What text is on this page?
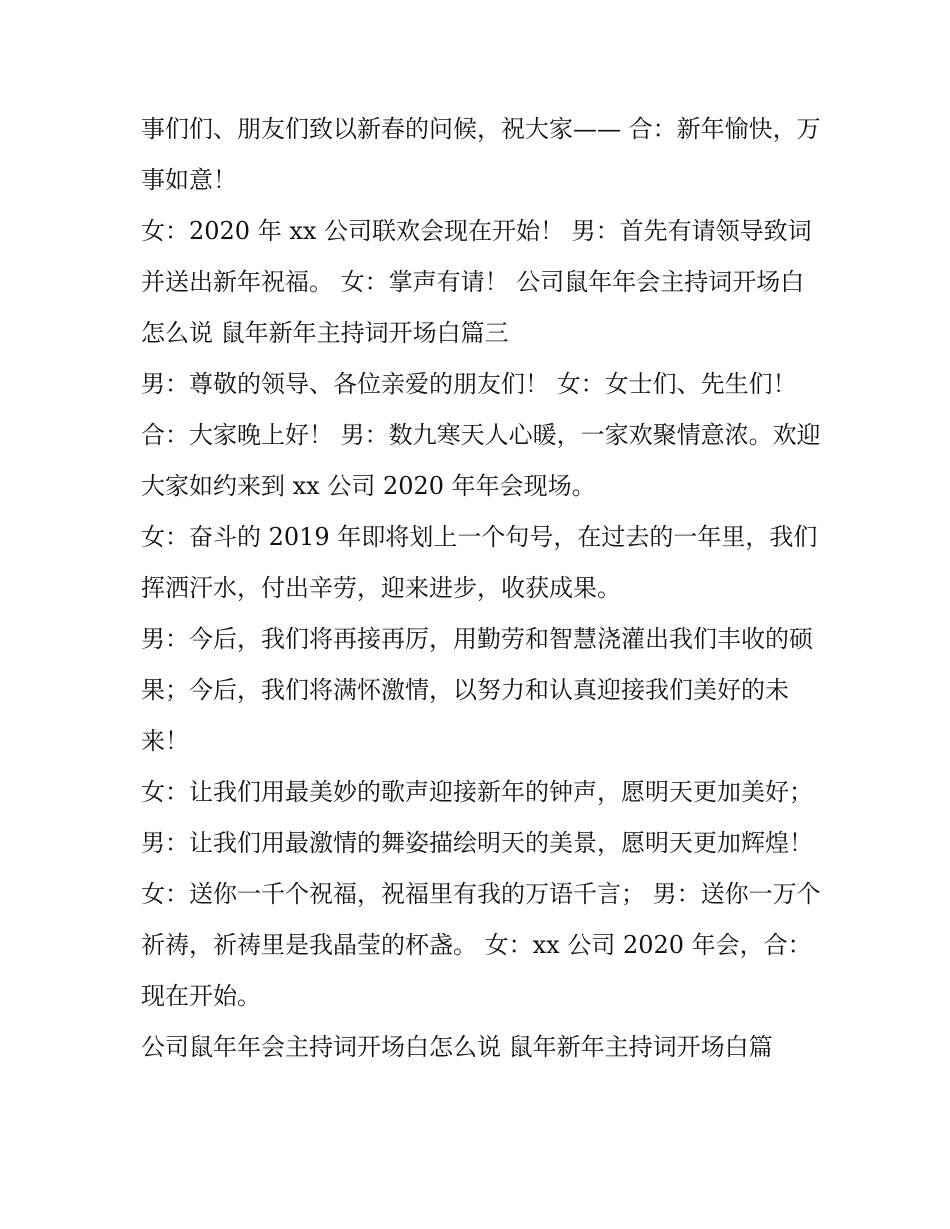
事们们、朋友们致以新春的问候，祝大家—— 合：新年愉快，万事如意！

女：2020 年 xx 公司联欢会现在开始！ 男：首先有请领导致词并送出新年祝福。 女：掌声有请！ 公司鼠年年会主持词开场白怎么说 鼠年新年主持词开场白篇三

男：尊敬的领导、各位亲爱的朋友们！ 女：女士们、先生们！ 合：大家晚上好！ 男：数九寒天人心暖，一家欢聚情意浓。欢迎大家如约来到 xx 公司 2020 年年会现场。

女：奋斗的 2019 年即将划上一个句号，在过去的一年里，我们挥洒汗水，付出辛劳，迎来进步，收获成果。

男：今后，我们将再接再厉，用勤劳和智慧浇灌出我们丰收的硕果；今后，我们将满怀激情，以努力和认真迎接我们美好的未来！

女：让我们用最美妙的歌声迎接新年的钟声，愿明天更加美好； 男：让我们用最激情的舞姿描绘明天的美景，愿明天更加辉煌！

女：送你一千个祝福，祝福里有我的万语千言； 男：送你一万个祈祷，祈祷里是我晶莹的杯盏。 女：xx 公司 2020 年会，合：现在开始。

公司鼠年年会主持词开场白怎么说 鼠年新年主持词开场白篇
